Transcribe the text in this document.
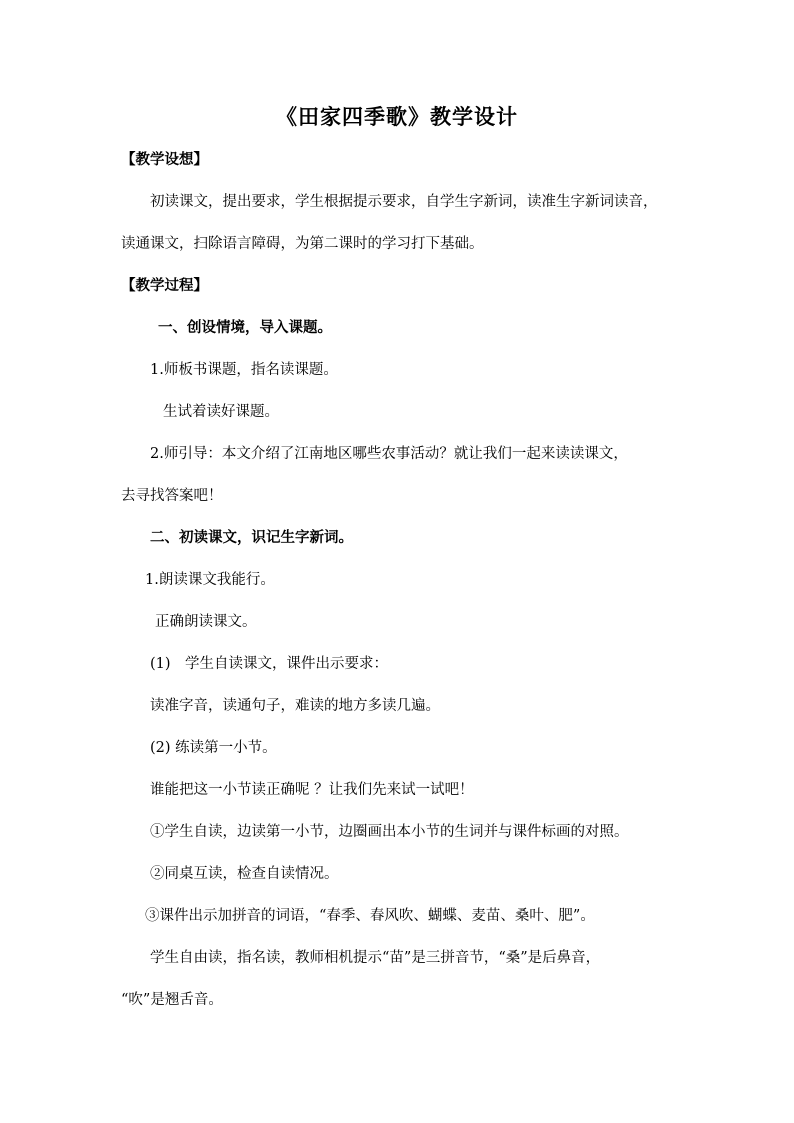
《田家四季歌》教学设计
【教学设想】
初读课文，提出要求，学生根据提示要求，自学生字新词，读准生字新词读音，
读通课文，扫除语言障碍，为第二课时的学习打下基础。
【教学过程】
一、创设情境，导入课题。
1.师板书课题，指名读课题。
生试着读好课题。
2.师引导：本文介绍了江南地区哪些农事活动？就让我们一起来读读课文，
去寻找答案吧！
二、初读课文，识记生字新词。
1.朗读课文我能行。
正确朗读课文。
(1)　学生自读课文，课件出示要求：
读准字音，读通句子，难读的地方多读几遍。
(2) 练读第一小节。
谁能把这一小节读正确呢 ？让我们先来试一试吧！
①学生自读，边读第一小节，边圈画出本小节的生词并与课件标画的对照。
②同桌互读，检查自读情况。
③课件出示加拼音的词语，“春季、春风吹、蝴蝶、麦苗、桑叶、肥”。
学生自由读，指名读，教师相机提示“苗”是三拼音节，“桑”是后鼻音，
“吹”是翘舌音。
